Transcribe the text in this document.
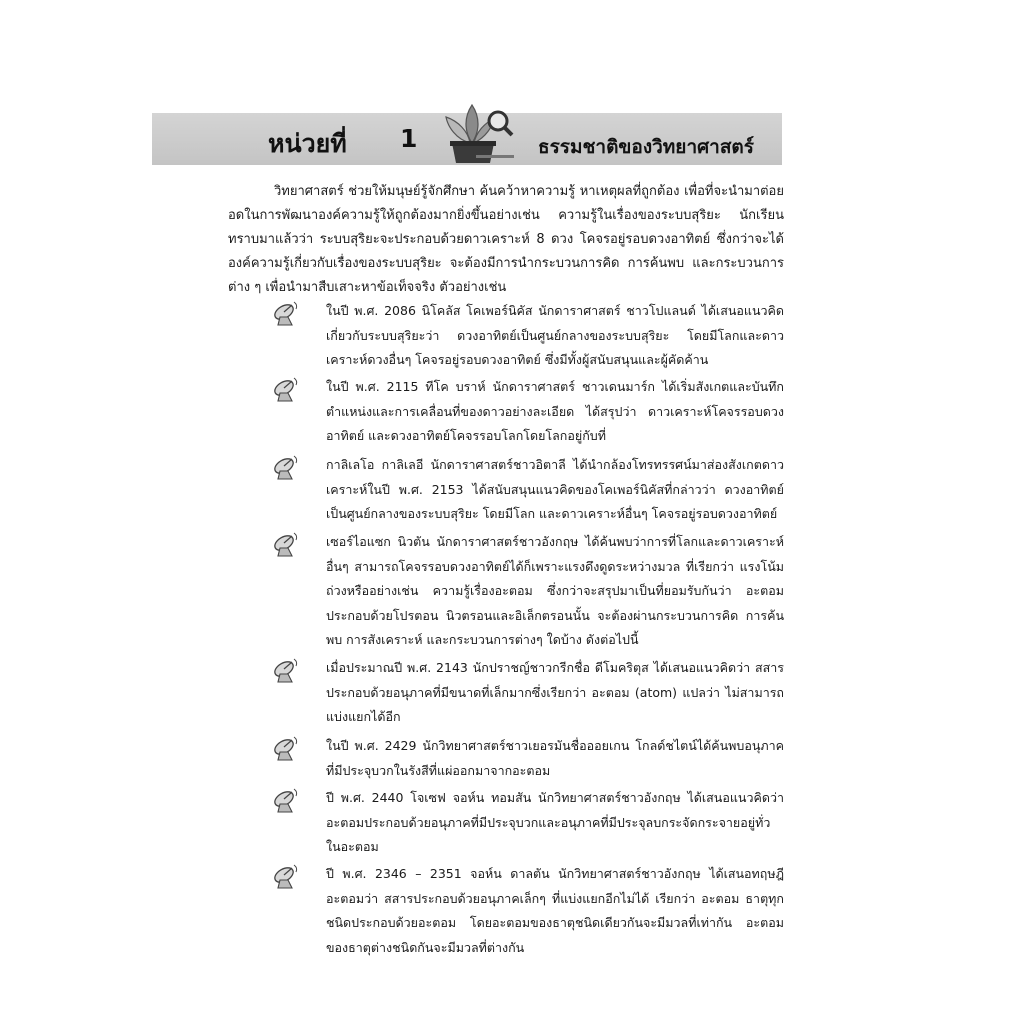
หน่วยที่ 1	ธรรมชาติของวิทยาศาสตร์

วิทยาศาสตร์ ช่วยให้มนุษย์รู้จักศึกษา ค้นคว้าหาความรู้ หาเหตุผลที่ถูกต้อง เพื่อที่จะนำมาต่อยอดในการพัฒนาองค์ความรู้ให้ถูกต้องมากยิ่งขึ้นอย่างเช่น ความรู้ในเรื่องของระบบสุริยะ นักเรียนทราบมาแล้วว่า ระบบสุริยะจะประกอบด้วยดาวเคราะห์ 8 ดวง โคจรอยู่รอบดวงอาทิตย์ ซึ่งกว่าจะได้องค์ความรู้เกี่ยวกับเรื่องของระบบสุริยะ จะต้องมีการนำกระบวนการคิด การค้นพบ และกระบวนการต่าง ๆ เพื่อนำมาสืบเสาะหาข้อเท็จจริง ตัวอย่างเช่น

ในปี พ.ศ. 2086 นิโคลัส โคเพอร์นิคัส นักดาราศาสตร์ ชาวโปแลนด์ ได้เสนอแนวคิดเกี่ยวกับระบบสุริยะว่า ดวงอาทิตย์เป็นศูนย์กลางของระบบสุริยะ โดยมีโลกและดาวเคราะห์ดวงอื่นๆ โคจรอยู่รอบดวงอาทิตย์ ซึ่งมีทั้งผู้สนับสนุนและผู้คัดค้าน
ในปี พ.ศ. 2115 ทีโค บราห์ นักดาราศาสตร์ ชาวเดนมาร์ก ได้เริ่มสังเกตและบันทึกตำแหน่งและการเคลื่อนที่ของดาวอย่างละเอียด ได้สรุปว่า ดาวเคราะห์โคจรรอบดวงอาทิตย์ และดวงอาทิตย์โคจรรอบโลกโดยโลกอยู่กับที่
กาลิเลโอ กาลิเลอี นักดาราศาสตร์ชาวอิตาลี ได้นำกล้องโทรทรรศน์มาส่องสังเกตดาวเคราะห์ในปี พ.ศ. 2153 ได้สนับสนุนแนวคิดของโคเพอร์นิคัสที่กล่าวว่า ดวงอาทิตย์เป็นศูนย์กลางของระบบสุริยะ โดยมีโลก และดาวเคราะห์อื่นๆ โคจรอยู่รอบดวงอาทิตย์
เซอร์ไอแซก นิวตัน นักดาราศาสตร์ชาวอังกฤษ ได้ค้นพบว่าการที่โลกและดาวเคราะห์อื่นๆ สามารถโคจรรอบดวงอาทิตย์ได้ก็เพราะแรงดึงดูดระหว่างมวล ที่เรียกว่า แรงโน้มถ่วงหรืออย่างเช่น ความรู้เรื่องอะตอม ซึ่งกว่าจะสรุปมาเป็นที่ยอมรับกันว่า อะตอมประกอบด้วยโปรตอน นิวตรอนและอิเล็กตรอนนั้น จะต้องผ่านกระบวนการคิด การค้นพบ การสังเคราะห์ และกระบวนการต่างๆ ใดบ้าง ดังต่อไปนี้
เมื่อประมาณปี พ.ศ. 2143 นักปราชญ์ชาวกรีกชื่อ ดีโมคริตุส ได้เสนอแนวคิดว่า สสารประกอบด้วยอนุภาคที่มีขนาดที่เล็กมากซึ่งเรียกว่า อะตอม (atom) แปลว่า ไม่สามารถแบ่งแยกได้อีก
ในปี พ.ศ. 2429 นักวิทยาศาสตร์ชาวเยอรมันชื่อออยเกน โกลด์ชไตน์ได้ค้นพบอนุภาคที่มีประจุบวกในรังสีที่แผ่ออกมาจากอะตอม
ปี พ.ศ. 2440 โจเซฟ จอห์น ทอมสัน นักวิทยาศาสตร์ชาวอังกฤษ ได้เสนอแนวคิดว่าอะตอมประกอบด้วยอนุภาคที่มีประจุบวกและอนุภาคที่มีประจุลบกระจัดกระจายอยู่ทั่วในอะตอม
ปี พ.ศ. 2346 – 2351 จอห์น ดาลตัน นักวิทยาศาสตร์ชาวอังกฤษ ได้เสนอทฤษฎีอะตอมว่า สสารประกอบด้วยอนุภาคเล็กๆ ที่แบ่งแยกอีกไม่ได้ เรียกว่า อะตอม ธาตุทุกชนิดประกอบด้วยอะตอม โดยอะตอมของธาตุชนิดเดียวกันจะมีมวลที่เท่ากัน อะตอมของธาตุต่างชนิดกันจะมีมวลที่ต่างกัน
